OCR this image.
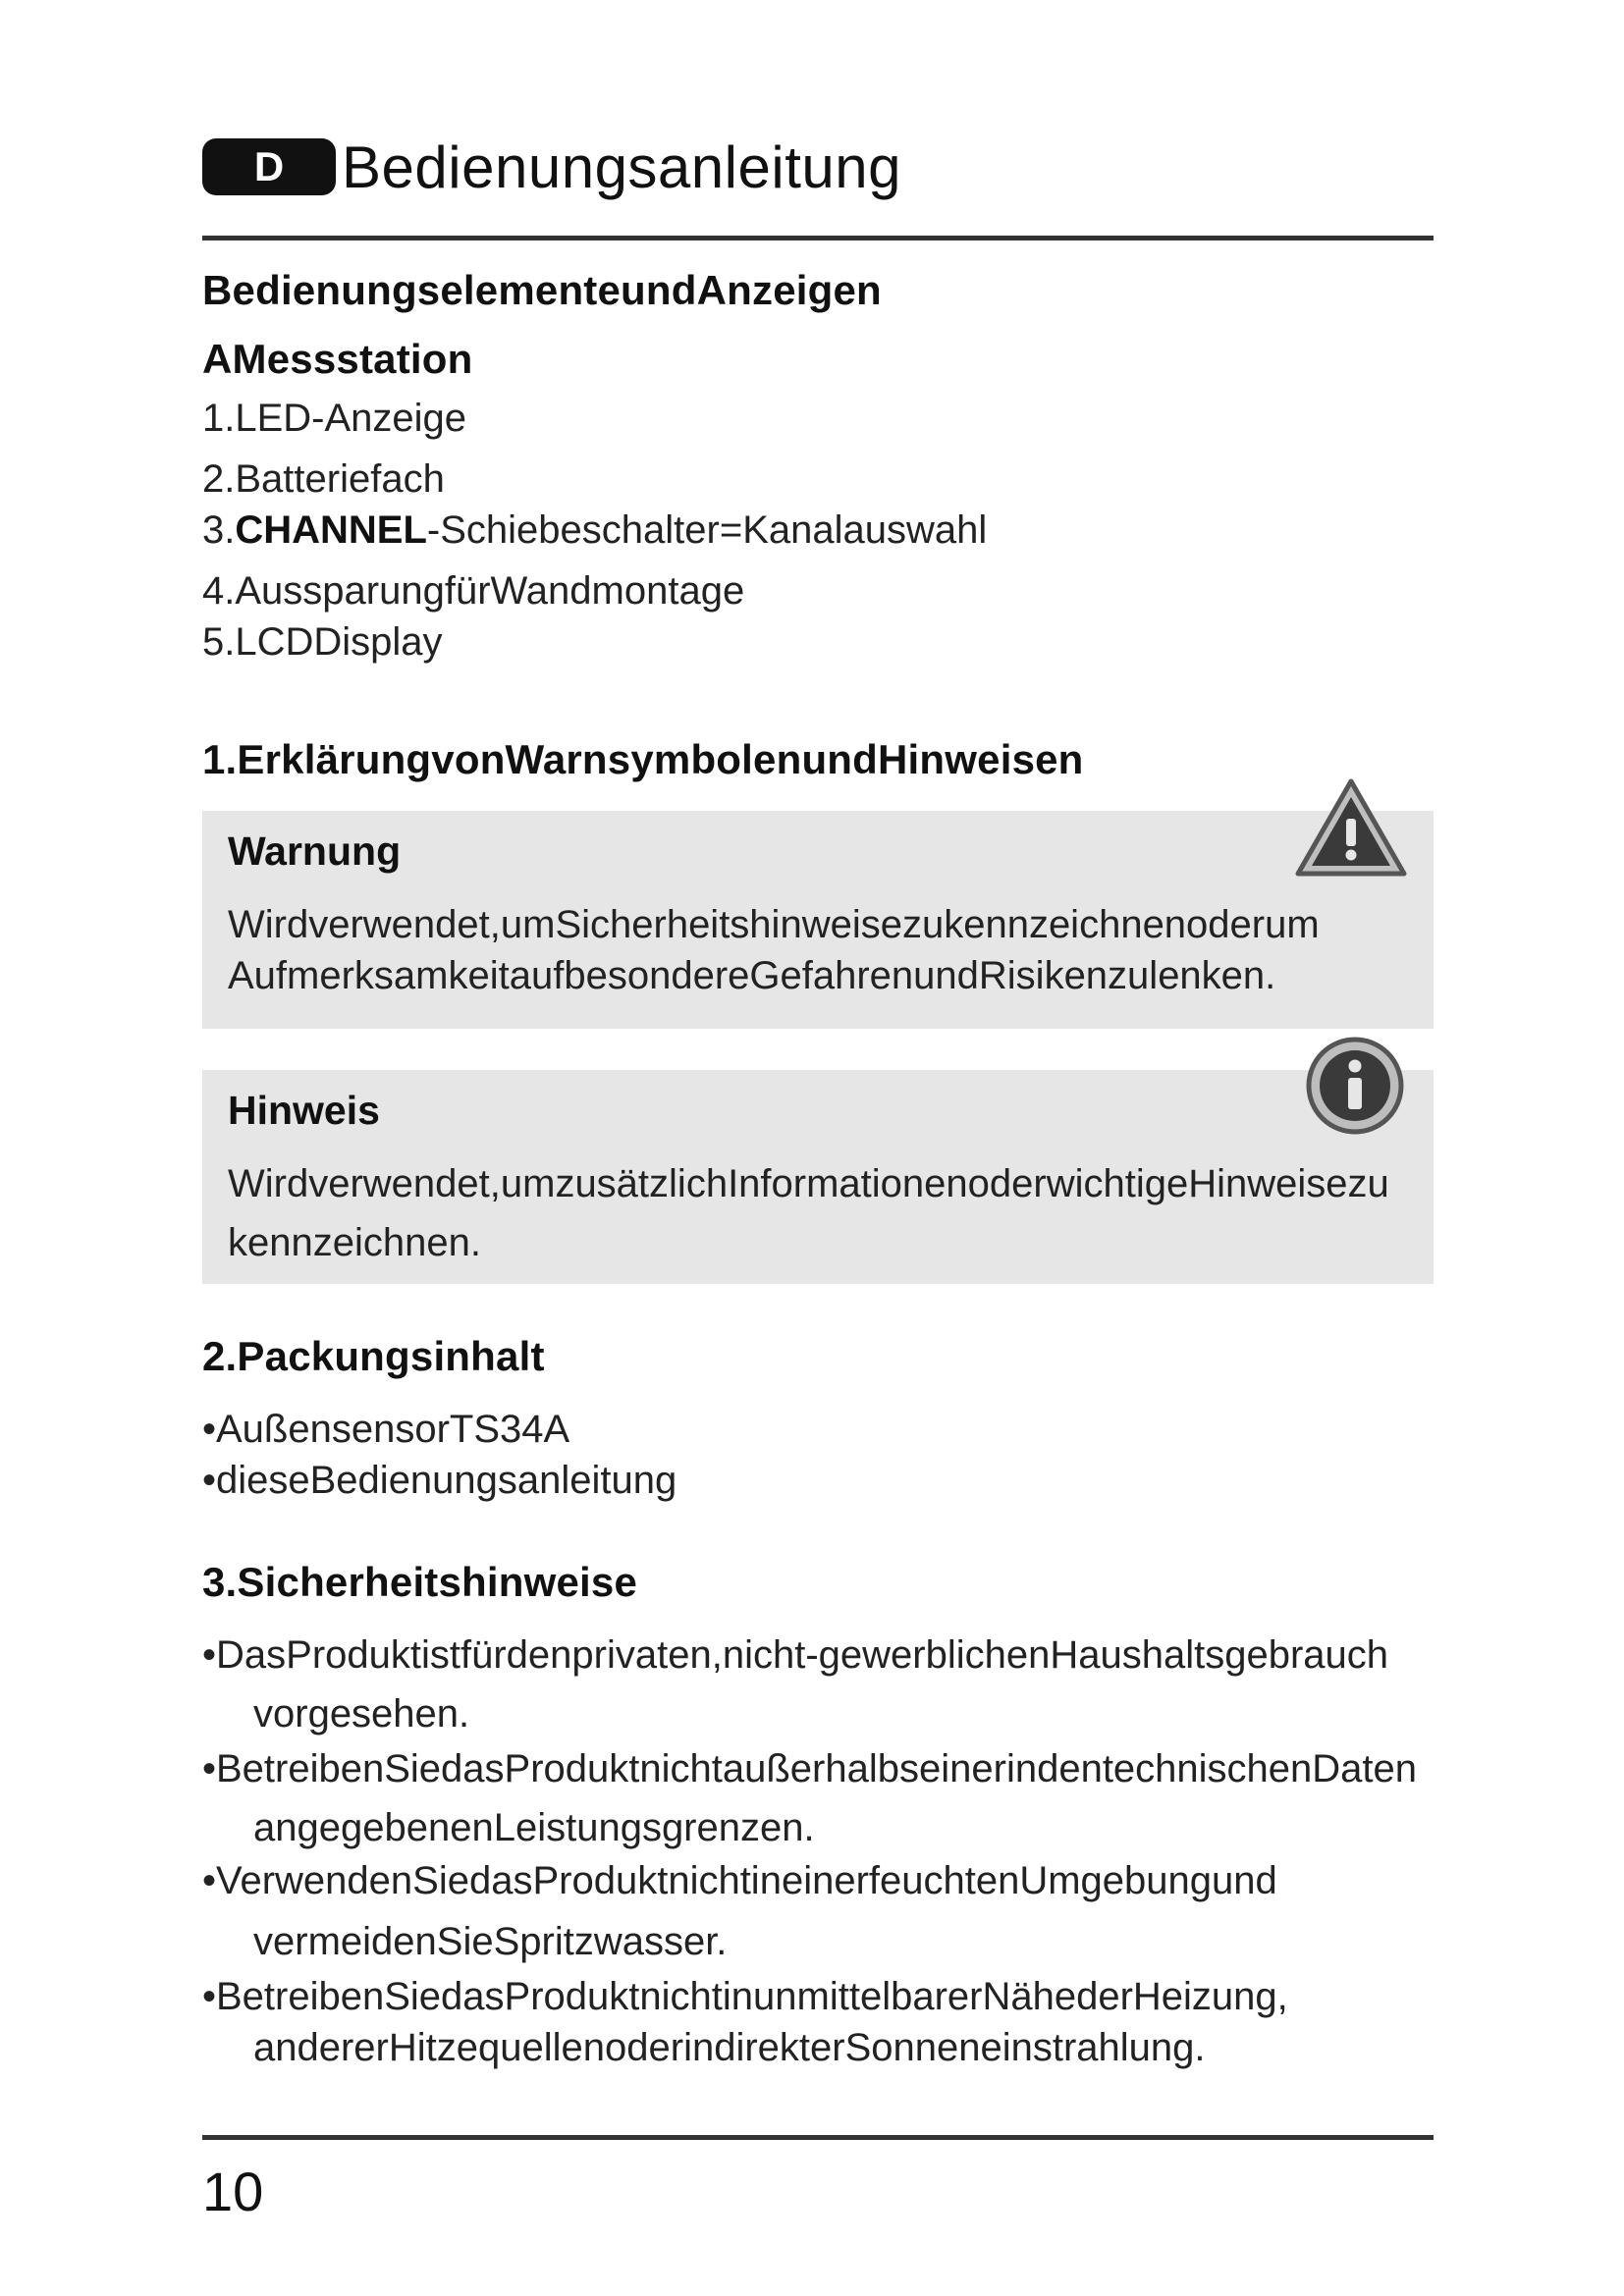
D Bedienungsanleitung
BedienungselementeundAnzeigen
AMessstation
1.LED-Anzeige
2.Batteriefach
3.CHANNEL-Schiebeschalter=Kanalauswahl
4.AussparungfürWandmontage
5.LCDDisplay
1.ErklärungvonWarnsymbolenundHinweisen
Warnung
Wirdverwendet,umSicherheitshinweisezukennzeichnenoderum
AufmerksamkeitaufbesondereGefahrenundRisikenzulenken.
Hinweis
Wirdverwendet,umzusätzlichInformationenoderwichtigeHinweisezu
kennzeichnen.
2.Packungsinhalt
•AußensensorTS34A
•dieseBedienungsanleitung
3.Sicherheitshinweise
•DasProduktistfürdenprivaten,nicht-gewerblichenHaushaltsgebrauch
vorgesehen.
•BetreibenSiedasProduktnichtaußerhalbseinerindentechnischenDaten
angegebenenLeistungsgrenzen.
•VerwendenSiedasProduktnichtineinerfeuchtenUmgebungund
vermeidenSieSpritzwasser.
•BetreibenSiedasProduktnichtinunmittelbarerNähederHeizung,
andererHitzequellenoderindirekterSonneneinstrahlung.
10
